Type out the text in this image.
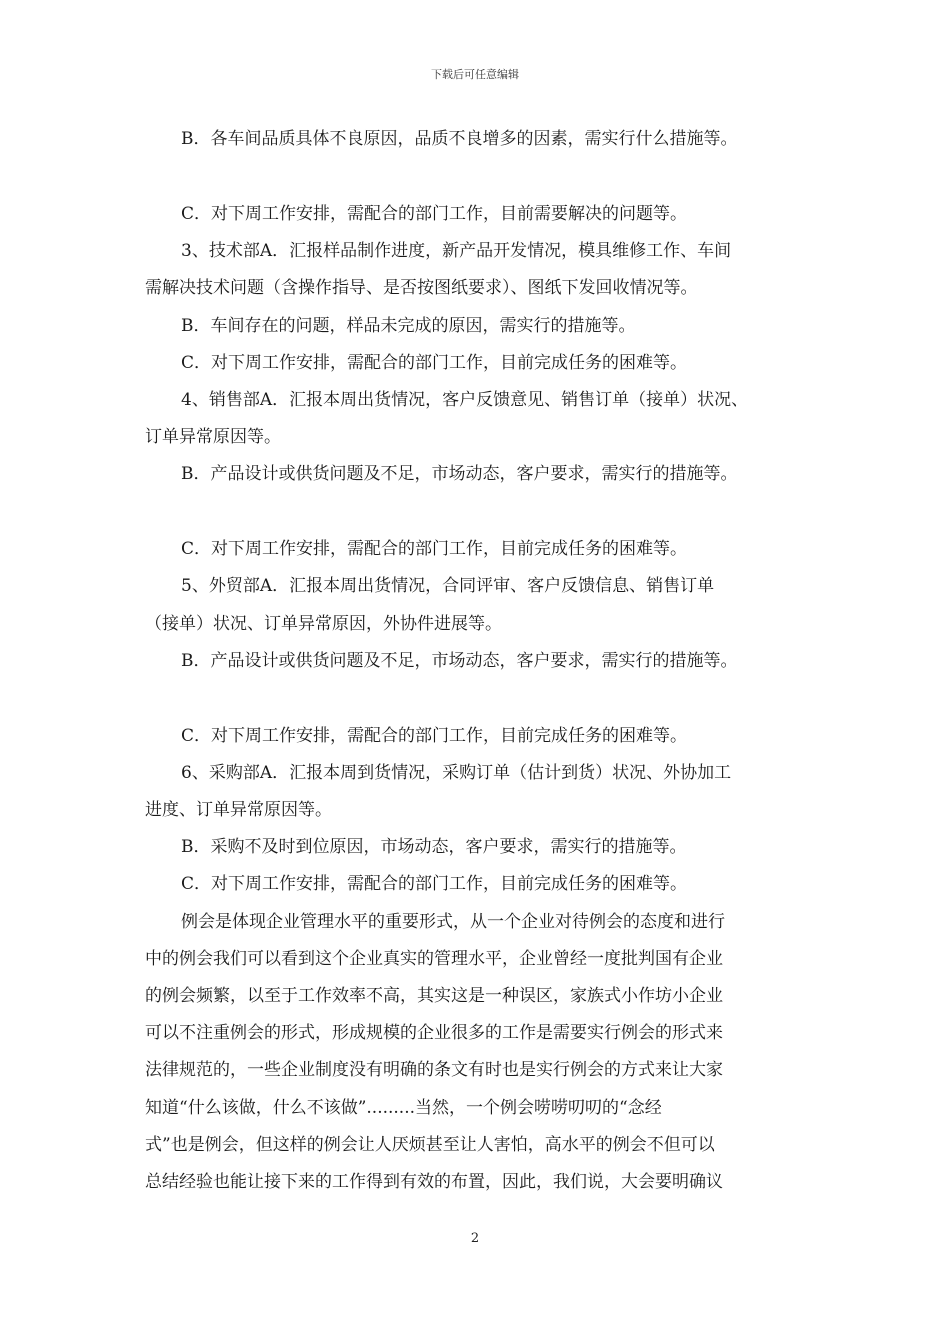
下载后可任意编辑
B．各车间品质具体不良原因，品质不良增多的因素，需实行什么措施等。
C．对下周工作安排，需配合的部门工作，目前需要解决的问题等。
3、技术部A．汇报样品制作进度，新产品开发情况，模具维修工作、车间
需解决技术问题（含操作指导、是否按图纸要求）、图纸下发回收情况等。
B．车间存在的问题，样品未完成的原因，需实行的措施等。
C．对下周工作安排，需配合的部门工作，目前完成任务的困难等。
4、销售部A．汇报本周出货情况，客户反馈意见、销售订单（接单）状况、
订单异常原因等。
B．产品设计或供货问题及不足，市场动态，客户要求，需实行的措施等。
C．对下周工作安排，需配合的部门工作，目前完成任务的困难等。
5、外贸部A．汇报本周出货情况，合同评审、客户反馈信息、销售订单
（接单）状况、订单异常原因，外协件进展等。
B．产品设计或供货问题及不足，市场动态，客户要求，需实行的措施等。
C．对下周工作安排，需配合的部门工作，目前完成任务的困难等。
6、采购部A．汇报本周到货情况，采购订单（估计到货）状况、外协加工
进度、订单异常原因等。
B．采购不及时到位原因，市场动态，客户要求，需实行的措施等。
C．对下周工作安排，需配合的部门工作，目前完成任务的困难等。
例会是体现企业管理水平的重要形式，从一个企业对待例会的态度和进行
中的例会我们可以看到这个企业真实的管理水平，企业曾经一度批判国有企业
的例会频繁，以至于工作效率不高，其实这是一种误区，家族式小作坊小企业
可以不注重例会的形式，形成规模的企业很多的工作是需要实行例会的形式来
法律规范的，一些企业制度没有明确的条文有时也是实行例会的方式来让大家
知道“什么该做，什么不该做”.........当然，一个例会唠唠叨叨的“念经
式”也是例会，但这样的例会让人厌烦甚至让人害怕，高水平的例会不但可以
总结经验也能让接下来的工作得到有效的布置，因此，我们说，大会要明确议
2
